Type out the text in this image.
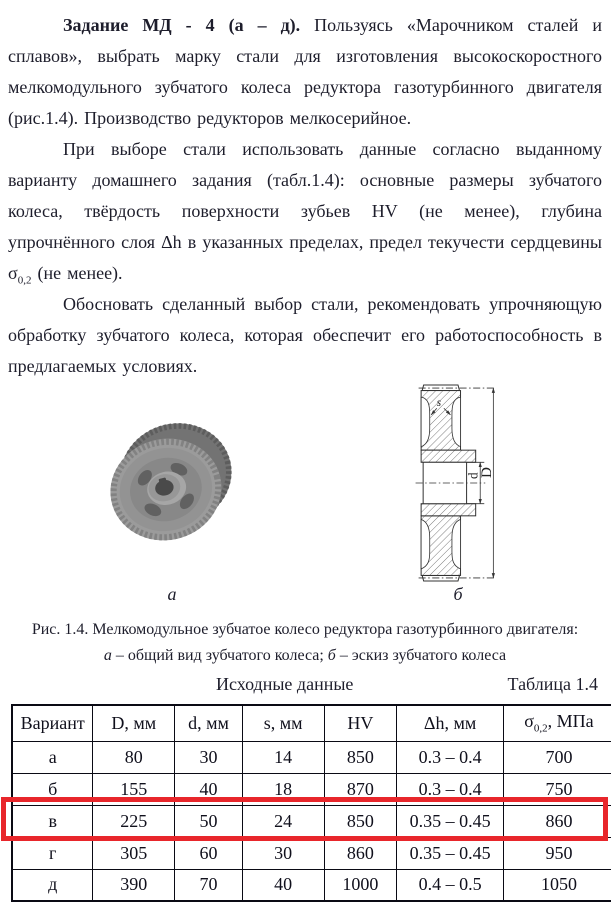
Задание МД - 4 (а – д). Пользуясь «Марочником сталей и сплавов», выбрать марку стали для изготовления высокоскоростного мелкомодульного зубчатого колеса редуктора газотурбинного двигателя (рис.1.4). Производство редукторов мелкосерийное.

При выборе стали использовать данные согласно выданному варианту домашнего задания (табл.1.4): основные размеры зубчатого колеса, твёрдость поверхности зубьев HV (не менее), глубина упрочнённого слоя Δh в указанных пределах, предел текучести сердцевины $\sigma_{0,2}$ (не менее).

Обосновать сделанный выбор стали, рекомендовать упрочняющую обработку зубчатого колеса, которая обеспечит его работоспособность в предлагаемых условиях.

s
d
D
а	б
Рис. 1.4. Мелкомодульное зубчатое колесо редуктора газотурбинного двигателя:
а – общий вид зубчатого колеса; б – эскиз зубчатого колеса
Исходные данные	Таблица 1.4
Вариант	D, мм	d, мм	s, мм	HV	Δh, мм	$\sigma_{0,2}$, МПа
а	80	30	14	850	0.3 – 0.4	700
б	155	40	18	870	0.3 – 0.4	750
в	225	50	24	850	0.35 – 0.45	860
г	305	60	30	860	0.35 – 0.45	950
д	390	70	40	1000	0.4 – 0.5	1050
